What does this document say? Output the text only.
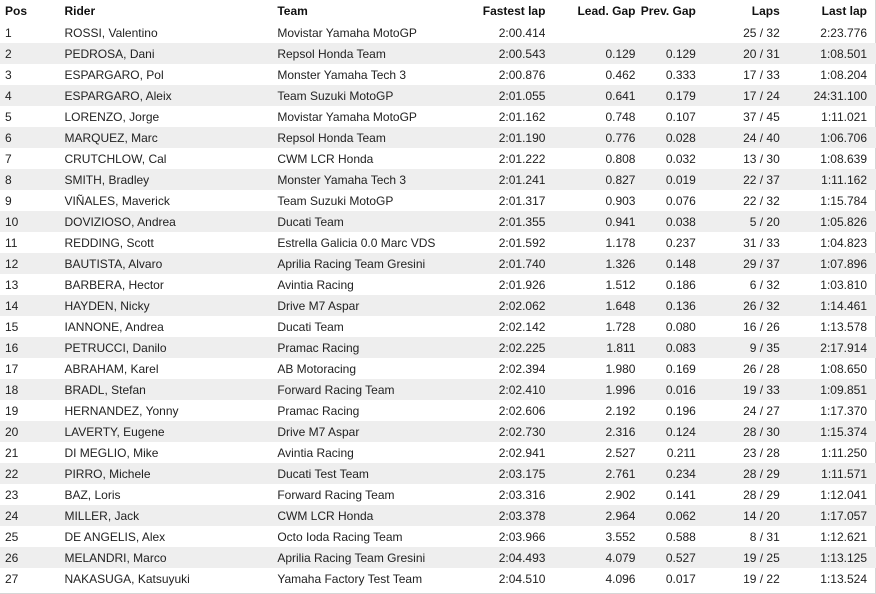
Pos	Rider	Team	Fastest lap	Lead. Gap	Prev. Gap	Laps	Last lap
1	ROSSI, Valentino	Movistar Yamaha MotoGP	2:00.414			25 / 32	2:23.776
2	PEDROSA, Dani	Repsol Honda Team	2:00.543	0.129	0.129	20 / 31	1:08.501
3	ESPARGARO, Pol	Monster Yamaha Tech 3	2:00.876	0.462	0.333	17 / 33	1:08.204
4	ESPARGARO, Aleix	Team Suzuki MotoGP	2:01.055	0.641	0.179	17 / 24	24:31.100
5	LORENZO, Jorge	Movistar Yamaha MotoGP	2:01.162	0.748	0.107	37 / 45	1:11.021
6	MARQUEZ, Marc	Repsol Honda Team	2:01.190	0.776	0.028	24 / 40	1:06.706
7	CRUTCHLOW, Cal	CWM LCR Honda	2:01.222	0.808	0.032	13 / 30	1:08.639
8	SMITH, Bradley	Monster Yamaha Tech 3	2:01.241	0.827	0.019	22 / 37	1:11.162
9	VIÑALES, Maverick	Team Suzuki MotoGP	2:01.317	0.903	0.076	22 / 32	1:15.784
10	DOVIZIOSO, Andrea	Ducati Team	2:01.355	0.941	0.038	5 / 20	1:05.826
11	REDDING, Scott	Estrella Galicia 0.0 Marc VDS	2:01.592	1.178	0.237	31 / 33	1:04.823
12	BAUTISTA, Alvaro	Aprilia Racing Team Gresini	2:01.740	1.326	0.148	29 / 37	1:07.896
13	BARBERA, Hector	Avintia Racing	2:01.926	1.512	0.186	6 / 32	1:03.810
14	HAYDEN, Nicky	Drive M7 Aspar	2:02.062	1.648	0.136	26 / 32	1:14.461
15	IANNONE, Andrea	Ducati Team	2:02.142	1.728	0.080	16 / 26	1:13.578
16	PETRUCCI, Danilo	Pramac Racing	2:02.225	1.811	0.083	9 / 35	2:17.914
17	ABRAHAM, Karel	AB Motoracing	2:02.394	1.980	0.169	26 / 28	1:08.650
18	BRADL, Stefan	Forward Racing Team	2:02.410	1.996	0.016	19 / 33	1:09.851
19	HERNANDEZ, Yonny	Pramac Racing	2:02.606	2.192	0.196	24 / 27	1:17.370
20	LAVERTY, Eugene	Drive M7 Aspar	2:02.730	2.316	0.124	28 / 30	1:15.374
21	DI MEGLIO, Mike	Avintia Racing	2:02.941	2.527	0.211	23 / 28	1:11.250
22	PIRRO, Michele	Ducati Test Team	2:03.175	2.761	0.234	28 / 29	1:11.571
23	BAZ, Loris	Forward Racing Team	2:03.316	2.902	0.141	28 / 29	1:12.041
24	MILLER, Jack	CWM LCR Honda	2:03.378	2.964	0.062	14 / 20	1:17.057
25	DE ANGELIS, Alex	Octo Ioda Racing Team	2:03.966	3.552	0.588	8 / 31	1:12.621
26	MELANDRI, Marco	Aprilia Racing Team Gresini	2:04.493	4.079	0.527	19 / 25	1:13.125
27	NAKASUGA, Katsuyuki	Yamaha Factory Test Team	2:04.510	4.096	0.017	19 / 22	1:13.524
